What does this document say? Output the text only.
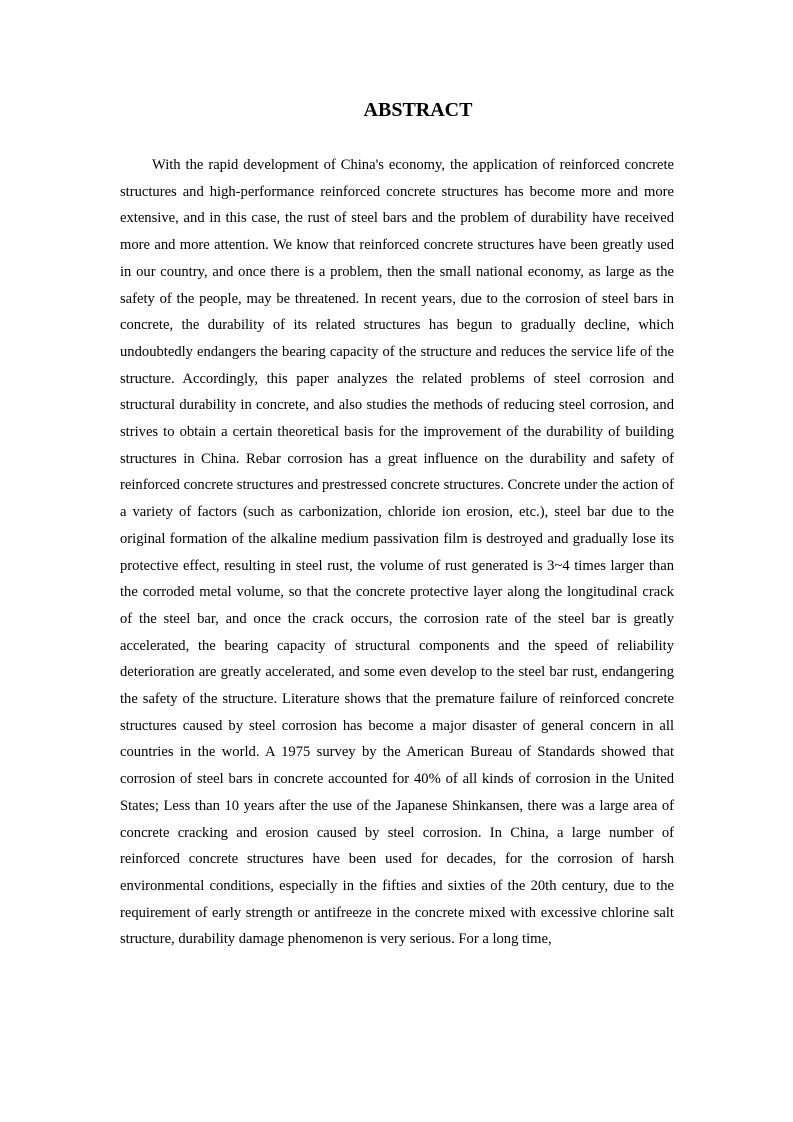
ABSTRACT

With the rapid development of China's economy, the application of reinforced concrete structures and high-performance reinforced concrete structures has become more and more extensive, and in this case, the rust of steel bars and the problem of durability have received more and more attention. We know that reinforced concrete structures have been greatly used in our country, and once there is a problem, then the small national economy, as large as the safety of the people, may be threatened. In recent years, due to the corrosion of steel bars in concrete, the durability of its related structures has begun to gradually decline, which undoubtedly endangers the bearing capacity of the structure and reduces the service life of the structure. Accordingly, this paper analyzes the related problems of steel corrosion and structural durability in concrete, and also studies the methods of reducing steel corrosion, and strives to obtain a certain theoretical basis for the improvement of the durability of building structures in China. Rebar corrosion has a great influence on the durability and safety of reinforced concrete structures and prestressed concrete structures. Concrete under the action of a variety of factors (such as carbonization, chloride ion erosion, etc.), steel bar due to the original formation of the alkaline medium passivation film is destroyed and gradually lose its protective effect, resulting in steel rust, the volume of rust generated is 3~4 times larger than the corroded metal volume, so that the concrete protective layer along the longitudinal crack of the steel bar, and once the crack occurs, the corrosion rate of the steel bar is greatly accelerated, the bearing capacity of structural components and the speed of reliability deterioration are greatly accelerated, and some even develop to the steel bar rust, endangering the safety of the structure. Literature shows that the premature failure of reinforced concrete structures caused by steel corrosion has become a major disaster of general concern in all countries in the world. A 1975 survey by the American Bureau of Standards showed that corrosion of steel bars in concrete accounted for 40% of all kinds of corrosion in the United States; Less than 10 years after the use of the Japanese Shinkansen, there was a large area of concrete cracking and erosion caused by steel corrosion. In China, a large number of reinforced concrete structures have been used for decades, for the corrosion of harsh environmental conditions, especially in the fifties and sixties of the 20th century, due to the requirement of early strength or antifreeze in the concrete mixed with excessive chlorine salt structure, durability damage phenomenon is very serious. For a long time,
